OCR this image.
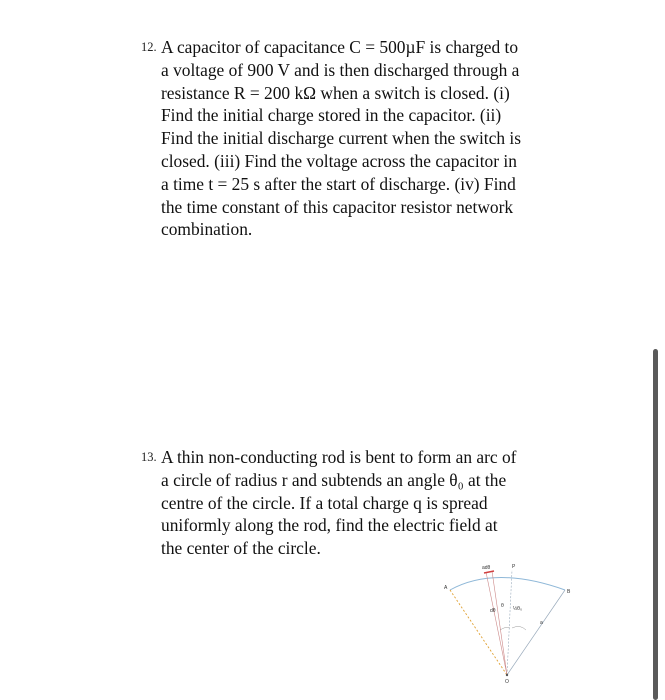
12. A capacitor of capacitance C = 500µF is charged to
a voltage of 900 V and is then discharged through a
resistance R = 200 kΩ when a switch is closed. (i)
Find the initial charge stored in the capacitor. (ii)
Find the initial discharge current when the switch is
closed. (iii) Find the voltage across the capacitor in
a time t = 25 s after the start of discharge. (iv) Find
the time constant of this capacitor resistor network
combination.
13. A thin non-conducting rod is bent to form an arc of
a circle of radius r and subtends an angle θ₀ at the
centre of the circle. If a total charge q is spread
uniformly along the rod, find the electric field at
the center of the circle.
A
P
B
adθ
θ ½θ₀
dθ
a
O
